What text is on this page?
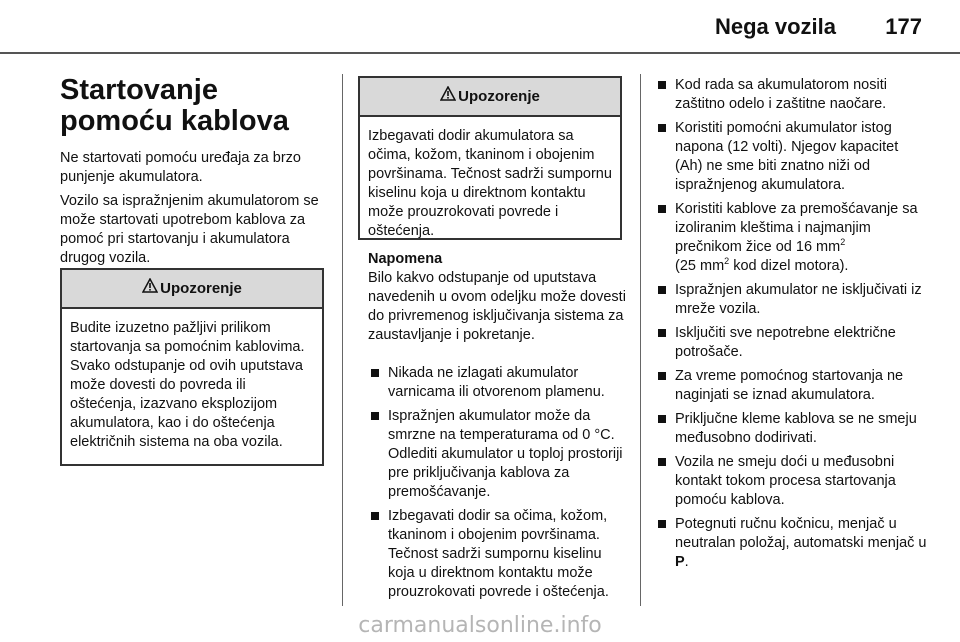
Nega vozila 177
Startovanje pomoću kablova
Ne startovati pomoću uređaja za brzo punjenje akumulatora.
Vozilo sa ispražnjenim akumulatorom se može startovati upotrebom kablova za pomoć pri startovanju i akumulatora drugog vozila.
Upozorenje
Budite izuzetno pažljivi prilikom startovanja sa pomoćnim kablovima. Svako odstupanje od ovih uputstava može dovesti do povreda ili oštećenja, izazvano eksplozijom akumulatora, kao i do oštećenja električnih sistema na oba vozila.
Upozorenje
Izbegavati dodir akumulatora sa očima, kožom, tkaninom i obojenim površinama. Tečnost sadrži sumpornu kiselinu koja u direktnom kontaktu može prouzrokovati povrede i oštećenja.
Napomena
Bilo kakvo odstupanje od uputstava navedenih u ovom odeljku može dovesti do privremenog isključivanja sistema za zaustavljanje i pokretanje.
Nikada ne izlagati akumulator varnicama ili otvorenom plamenu.
Ispražnjen akumulator može da smrzne na temperaturama od 0 °C. Odlediti akumulator u toploj prostoriji pre priključivanja kablova za premošćavanje.
Izbegavati dodir sa očima, kožom, tkaninom i obojenim površinama. Tečnost sadrži sumpornu kiselinu koja u direktnom kontaktu može prouzrokovati povrede i oštećenja.
Kod rada sa akumulatorom nositi zaštitno odelo i zaštitne naočare.
Koristiti pomoćni akumulator istog napona (12 volti). Njegov kapacitet (Ah) ne sme biti znatno niži od ispražnjenog akumulatora.
Koristiti kablove za premošćavanje sa izoliranim kleštima i najmanjim prečnikom žice od 16 $mm^2$
(25 $mm^2$ kod dizel motora).
Ispražnjen akumulator ne isključivati iz mreže vozila.
Isključiti sve nepotrebne električne potrošače.
Za vreme pomoćnog startovanja ne naginjati se iznad akumulatora.
Priključne kleme kablova se ne smeju međusobno dodirivati.
Vozila ne smeju doći u međusobni kontakt tokom procesa startovanja pomoću kablova.
Potegnuti ručnu kočnicu, menjač u neutralan položaj, automatski menjač u P.
carmanualsonline.info
